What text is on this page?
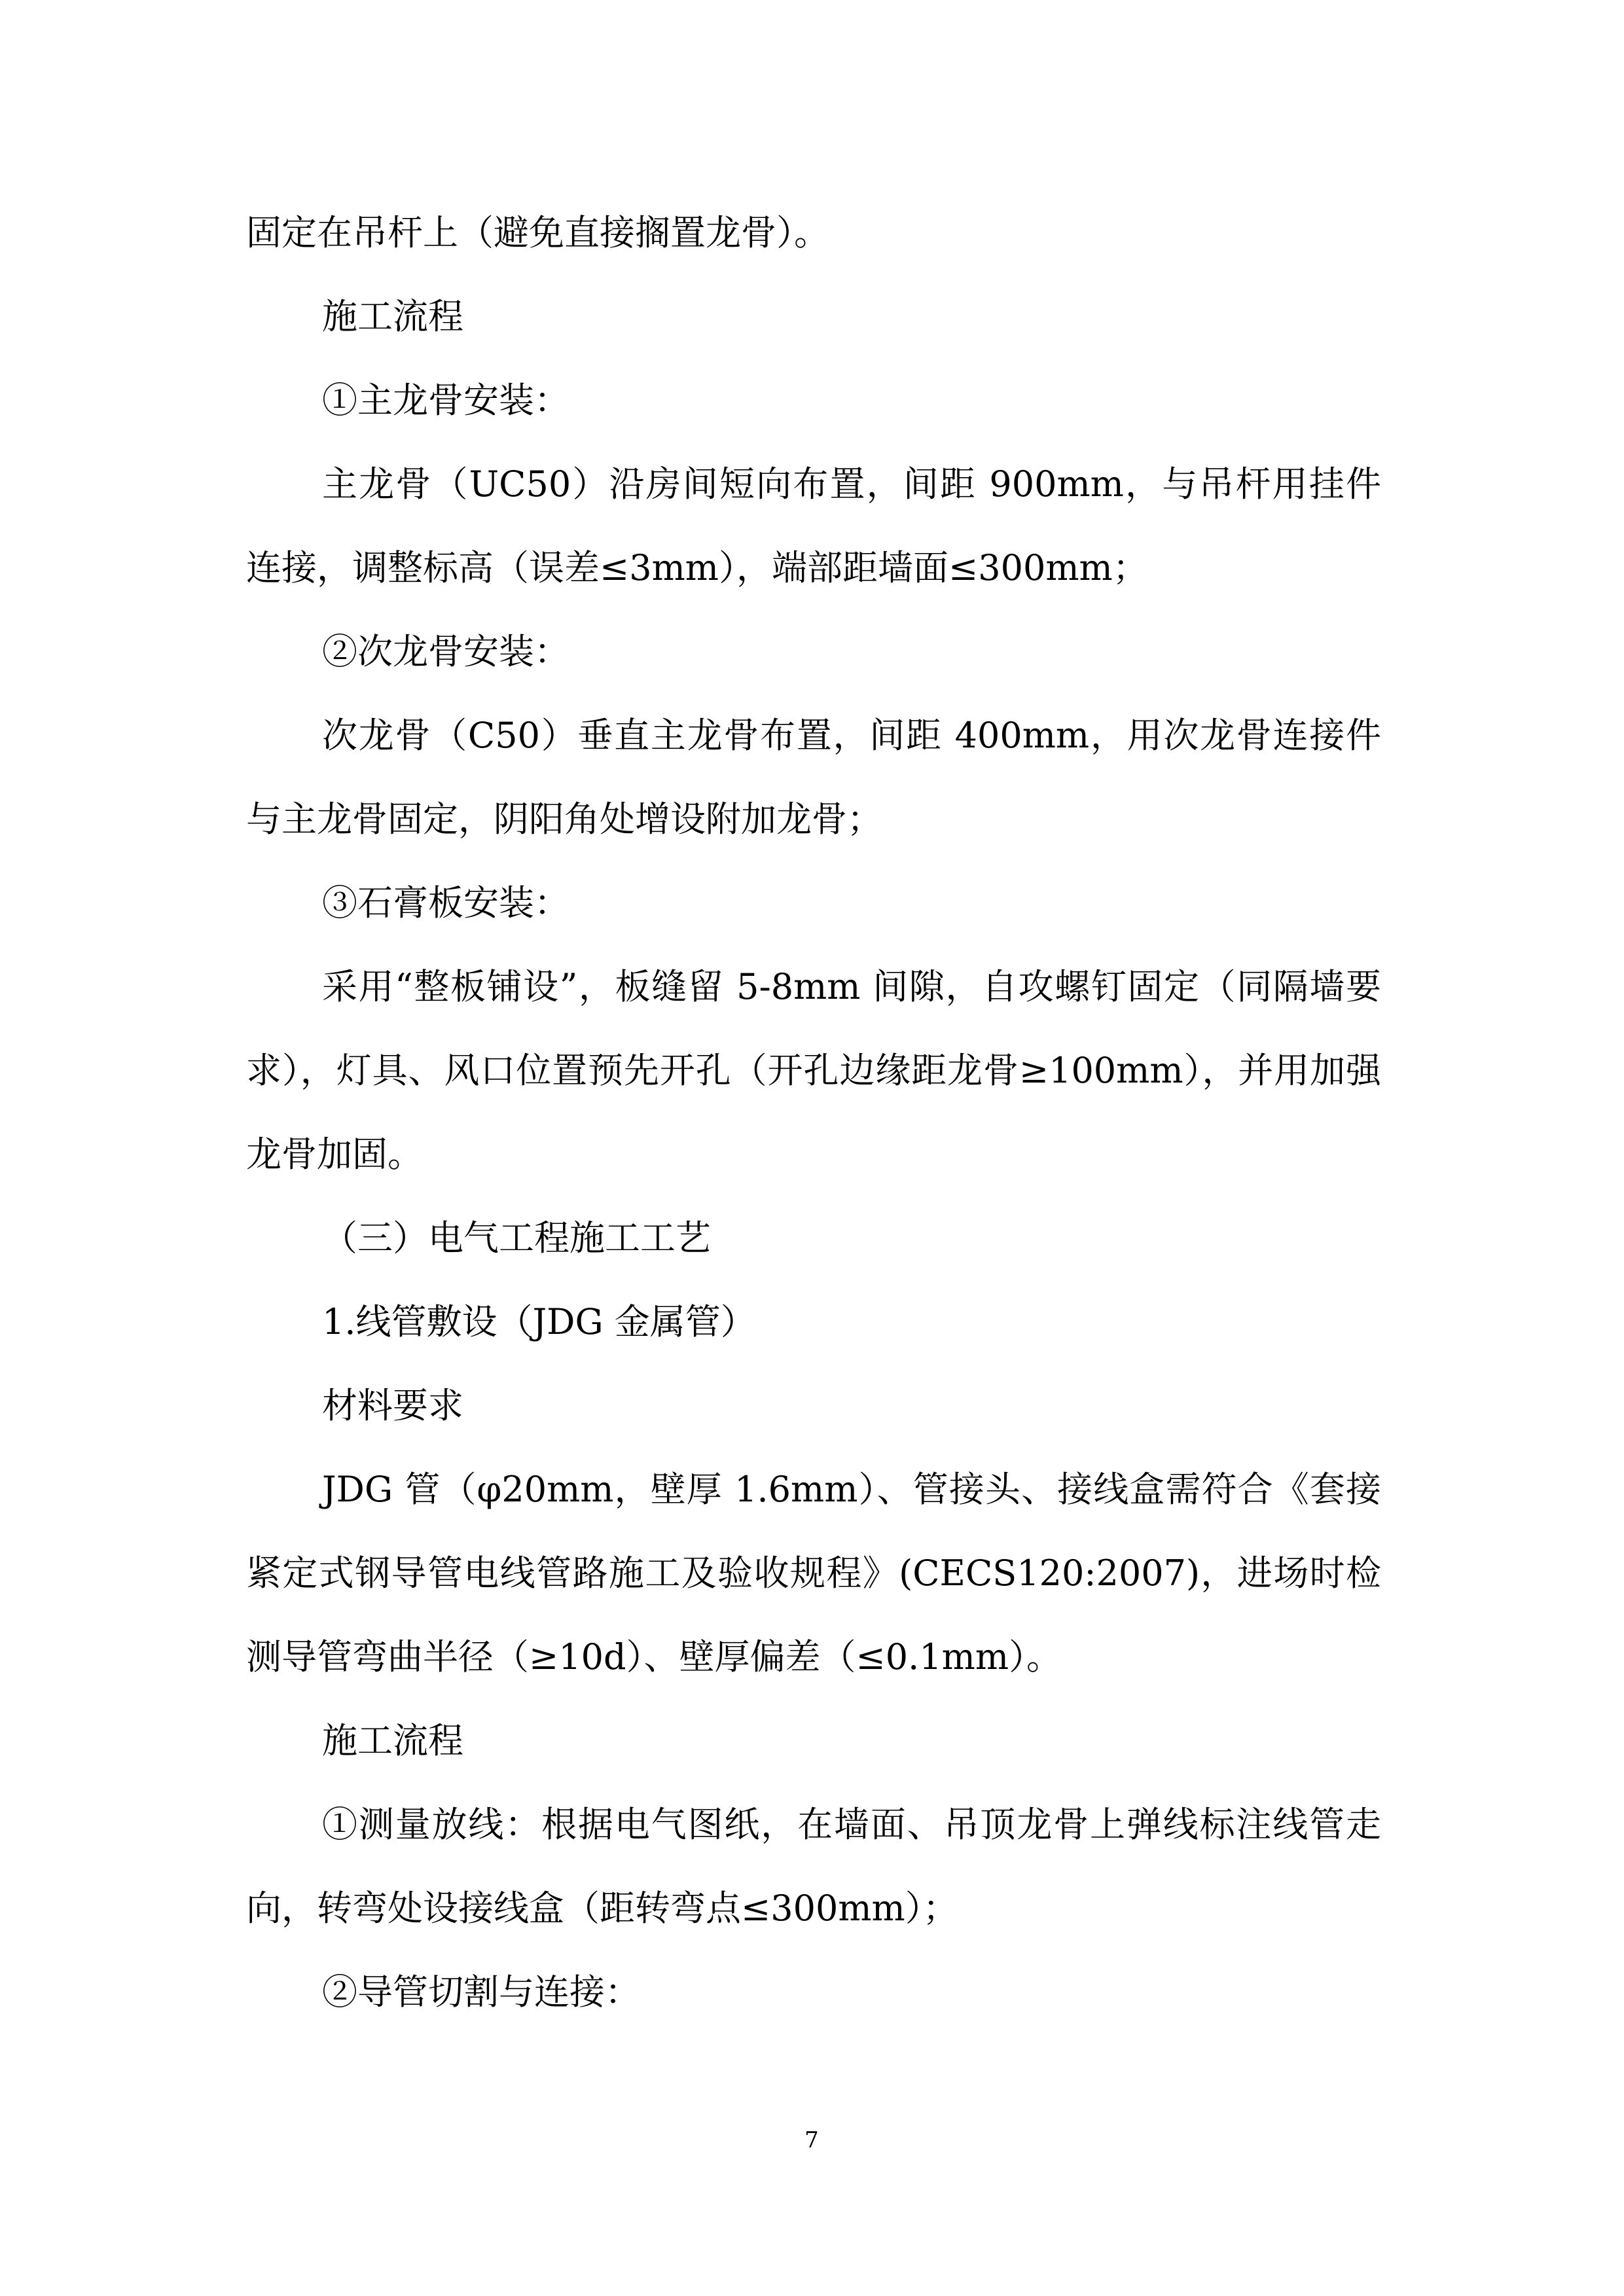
固定在吊杆上（避免直接搁置龙骨）。

施工流程

①主龙骨安装：

主龙骨（UC50）沿房间短向布置，间距 900mm，与吊杆用挂件连接，调整标高（误差≤3mm），端部距墙面≤300mm；

②次龙骨安装：

次龙骨（C50）垂直主龙骨布置，间距 400mm，用次龙骨连接件与主龙骨固定，阴阳角处增设附加龙骨；

③石膏板安装：

采用“整板铺设”，板缝留 5-8mm 间隙，自攻螺钉固定（同隔墙要求），灯具、风口位置预先开孔（开孔边缘距龙骨≥100mm），并用加强龙骨加固。

（三）电气工程施工工艺

1.线管敷设（JDG 金属管）

材料要求

JDG 管（φ20mm，壁厚 1.6mm）、管接头、接线盒需符合《套接紧定式钢导管电线管路施工及验收规程》(CECS120:2007)，进场时检测导管弯曲半径（≥10d）、壁厚偏差（≤0.1mm）。

施工流程

①测量放线：根据电气图纸，在墙面、吊顶龙骨上弹线标注线管走向，转弯处设接线盒（距转弯点≤300mm）；

②导管切割与连接：

7
